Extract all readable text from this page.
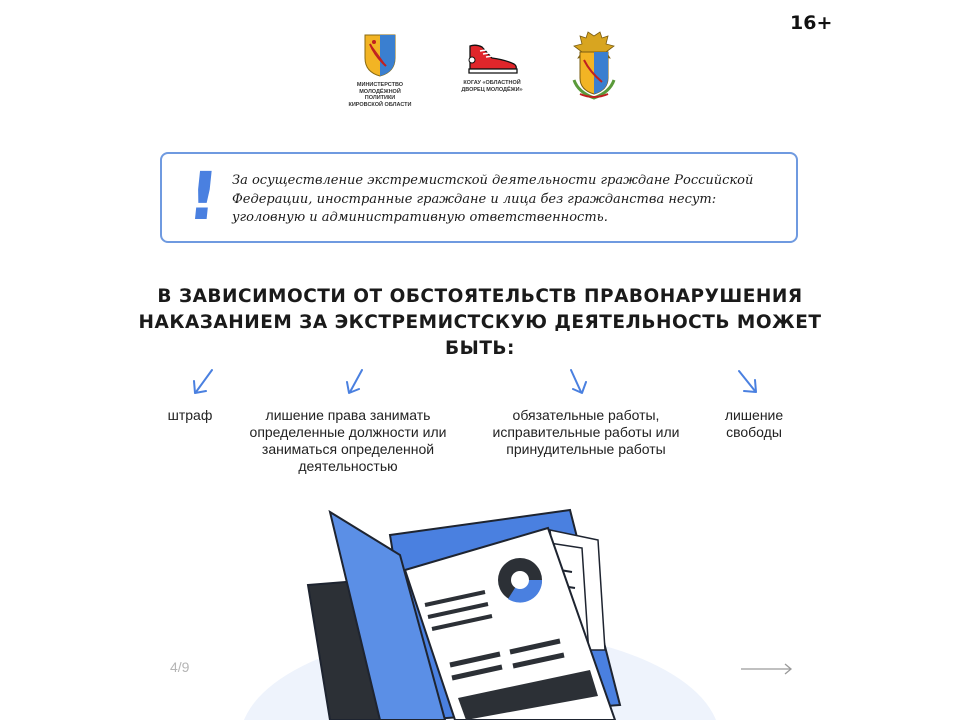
16+
МИНИСТЕРСТВО
МОЛОДЁЖНОЙ ПОЛИТИКИ
КИРОВСКОЙ ОБЛАСТИ
КОГАУ «ОБЛАСТНОЙ
ДВОРЕЦ МОЛОДЁЖИ»
! За осуществление экстремистской деятельности граждане Российской Федерации, иностранные граждане и лица без гражданства несут: уголовную и административную ответственность.
В ЗАВИСИМОСТИ ОТ ОБСТОЯТЕЛЬСТВ ПРАВОНАРУШЕНИЯ НАКАЗАНИЕМ ЗА ЭКСТРЕМИСТСКУЮ ДЕЯТЕЛЬНОСТЬ МОЖЕТ БЫТЬ:
штраф	лишение права занимать определенные должности или заниматься определенной деятельностью
обязательные работы, исправительные работы или принудительные работы
лишение свободы
4/9
